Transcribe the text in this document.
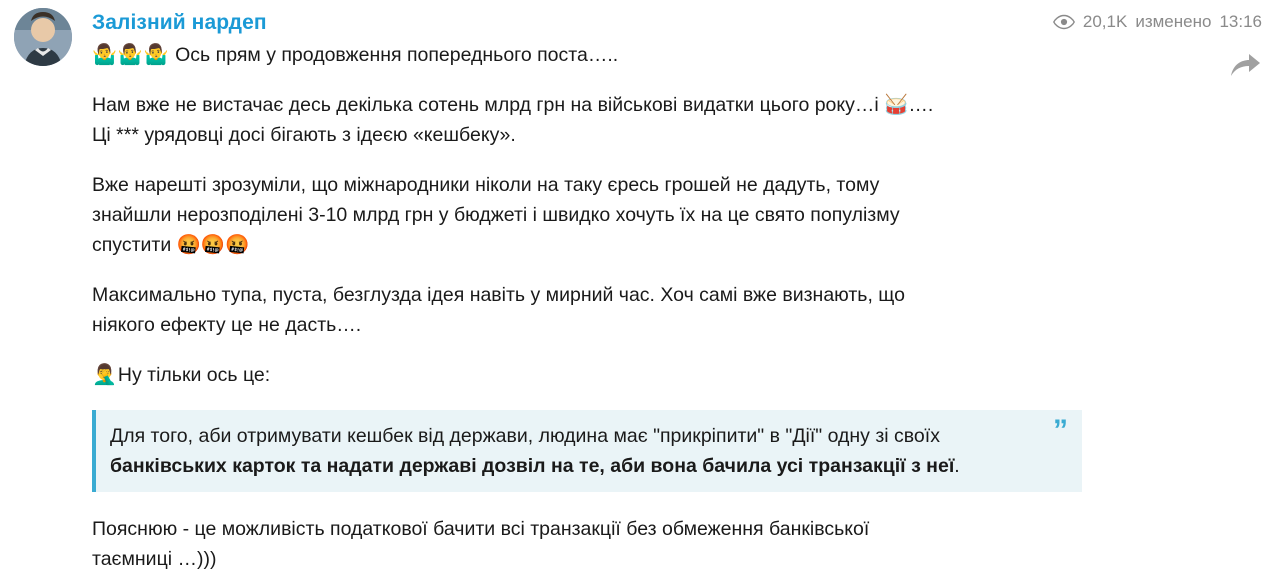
Залізний нардеп	20,1K изменено 13:16

🤷‍♂️🤷‍♂️🤷‍♂️ Ось прям у продовження попереднього поста…..

Нам вже не вистачає десь декілька сотень млрд грн на військові видатки цього року…і 🥁….
Ці *** урядовці досі бігають з ідеєю «кешбеку».

Вже нарешті зрозуміли, що міжнародники ніколи на таку єресь грошей не дадуть, тому
знайшли нерозподілені 3-10 млрд грн у бюджеті і швидко хочуть їх на це свято популізму
спустити 🤬🤬🤬

Максимально тупа, пуста, безглузда ідея навіть у мирний час. Хоч самі вже визнають, що
ніякого ефекту це не дасть….

🤦‍♂️Ну тільки ось це:

”
Для того, аби отримувати кешбек від держави, людина має "прикріпити" в "Дії" одну зі своїх банківських карток та надати державі дозвіл на те, аби вона бачила усі транзакції з неї.

Пояснюю - це можливість податкової бачити всі транзакції без обмеження банківської
таємниці …)))
